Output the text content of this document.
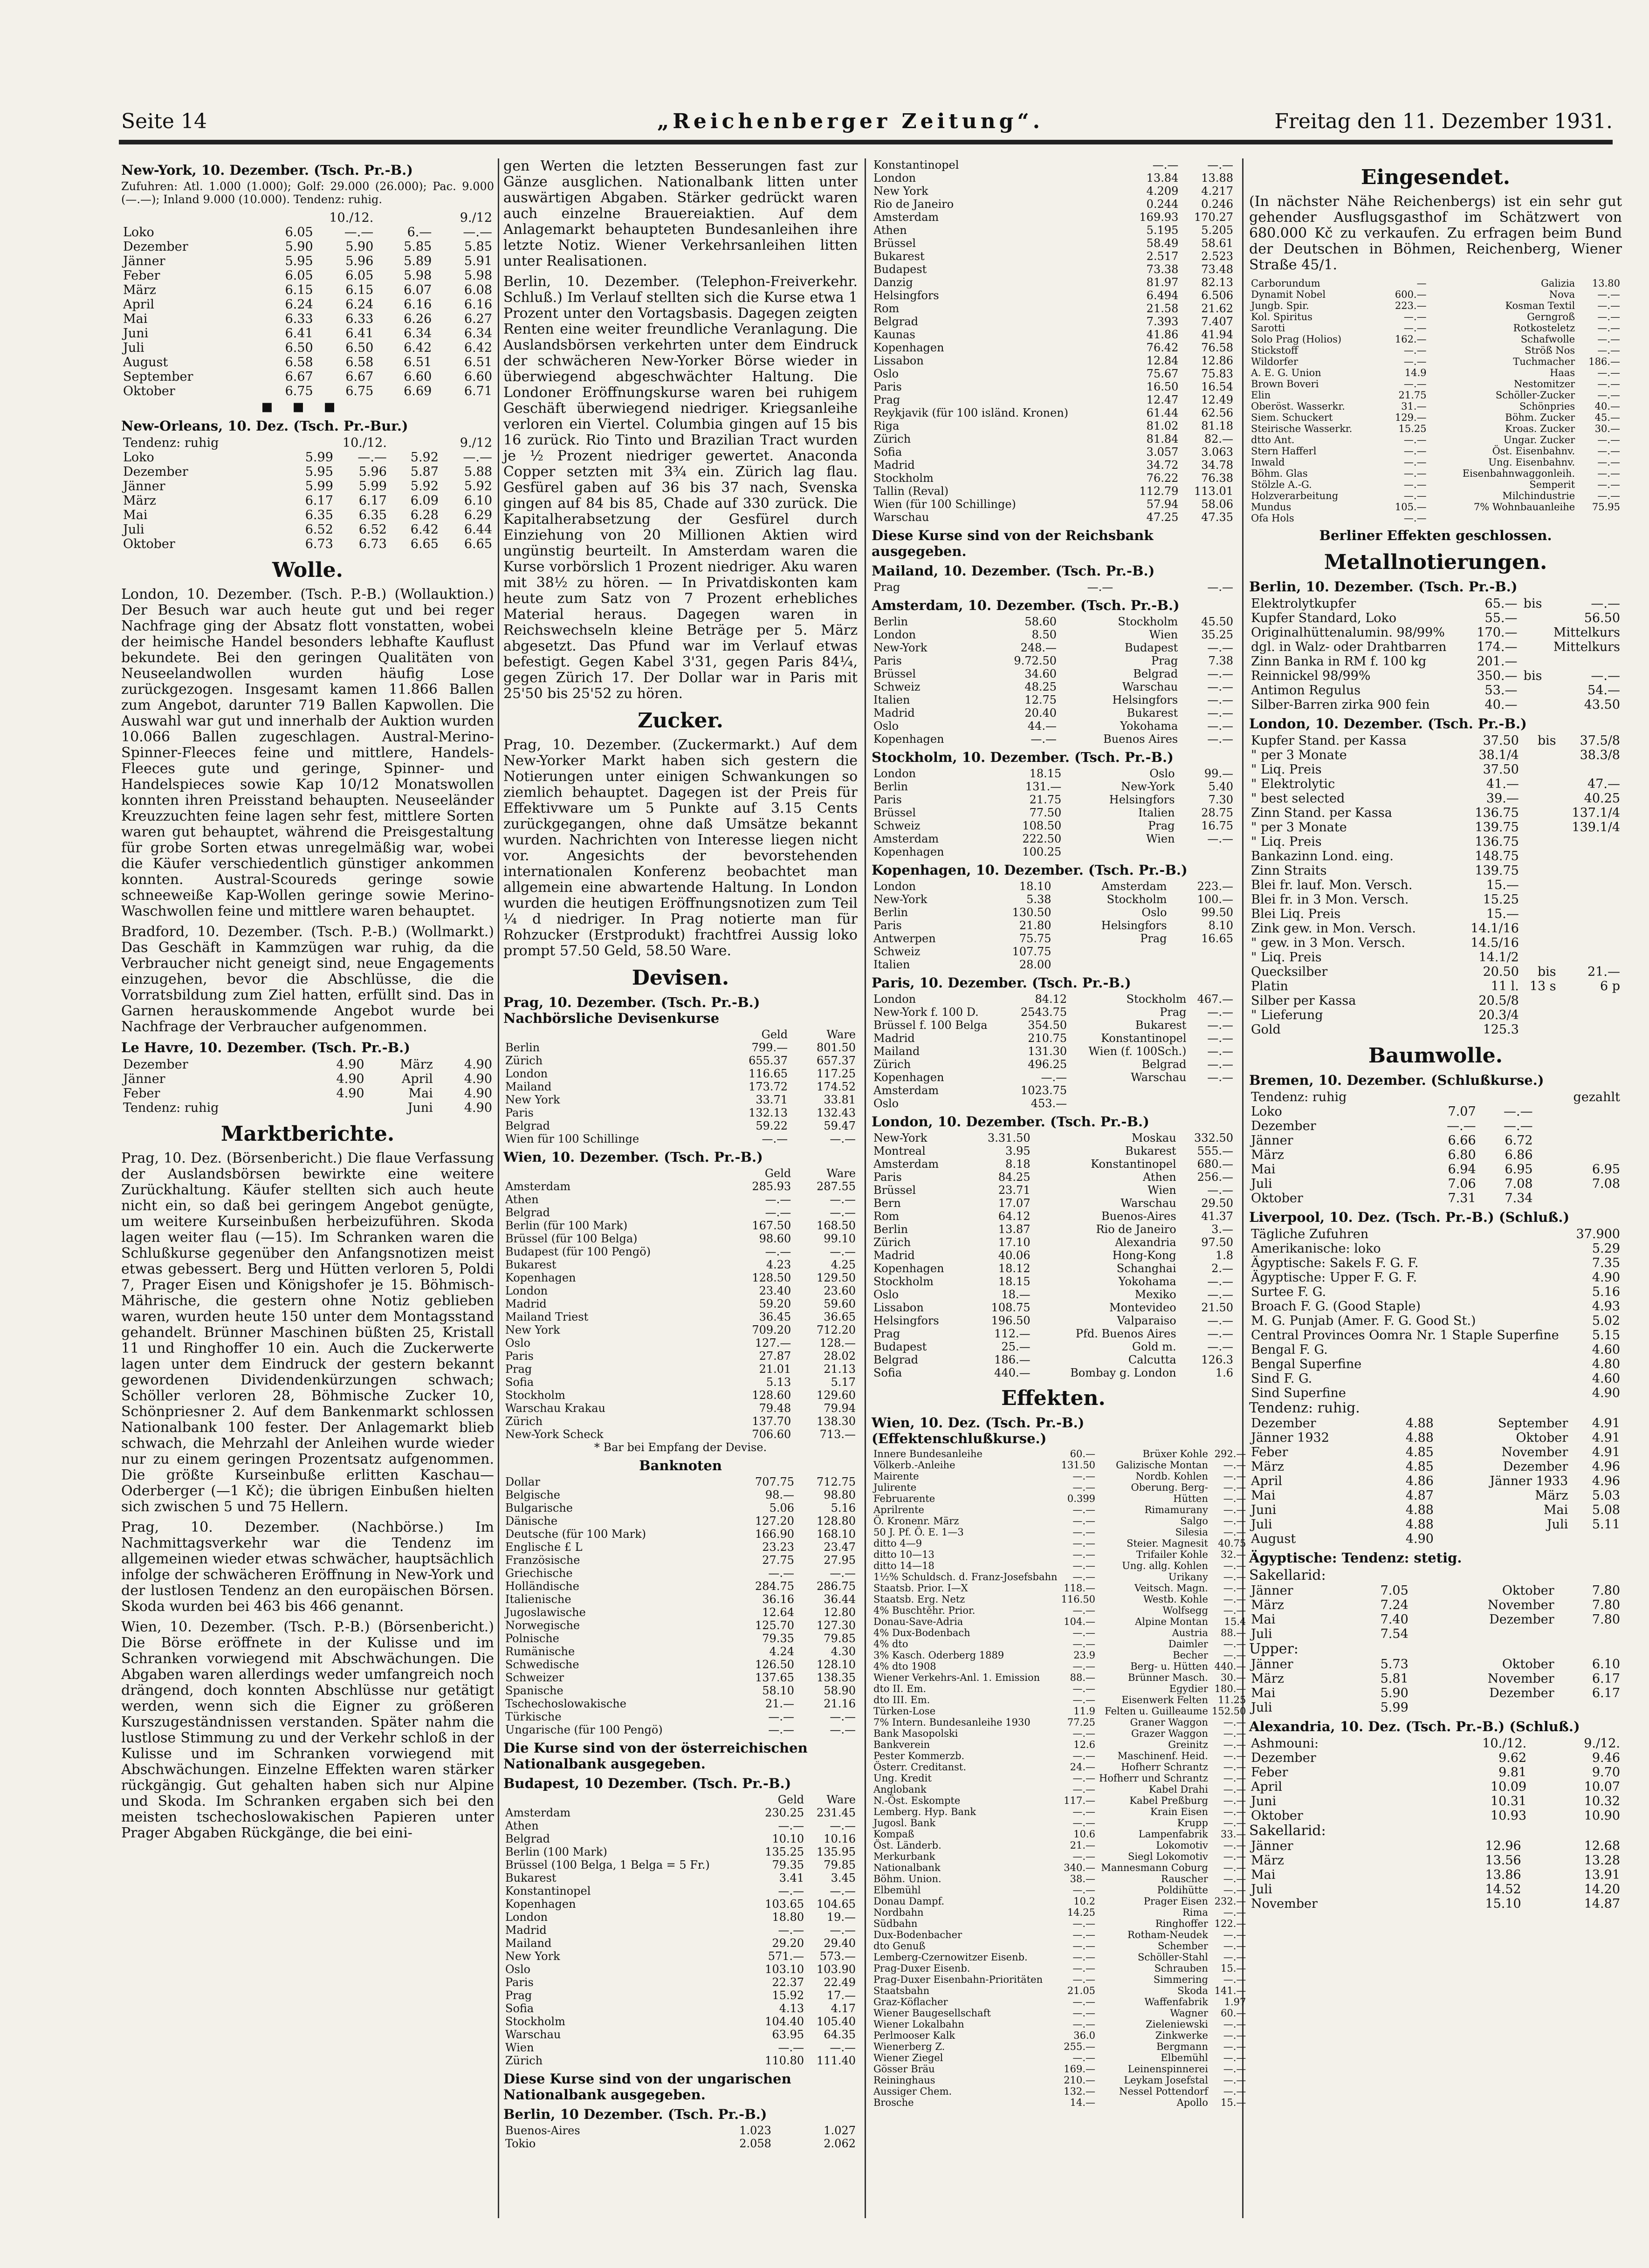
Seite 14	„Reichenberger Zeitung“.	Freitag den 11. Dezember 1931.
New-York, 10. Dezember. (Tsch. Pr.-B.)

Zufuhren: Atl. 1.000 (1.000); Golf: 29.000 (26.000); Pac. 9.000 (—.—); Inland 9.000 (10.000). Tendenz: ruhig.

	10./12.		9./12	
Loko	6.05	—.—	6.—	—.—
Dezember	5.90	5.90	5.85	5.85
Jänner	5.95	5.96	5.89	5.91
Feber	6.05	6.05	5.98	5.98
März	6.15	6.15	6.07	6.08
April	6.24	6.24	6.16	6.16
Mai	6.33	6.33	6.26	6.27
Juni	6.41	6.41	6.34	6.34
Juli	6.50	6.50	6.42	6.42
August	6.58	6.58	6.51	6.51
September	6.67	6.67	6.60	6.60
Oktober	6.75	6.75	6.69	6.71
▪▪▪
New-Orleans, 10. Dez. (Tsch. Pr.-Bur.)
Tendenz: ruhig	10./12.		9./12	
Loko	5.99	—.—	5.92	—.—
Dezember	5.95	5.96	5.87	5.88
Jänner	5.99	5.99	5.92	5.92
März	6.17	6.17	6.09	6.10
Mai	6.35	6.35	6.28	6.29
Juli	6.52	6.52	6.42	6.44
Oktober	6.73	6.73	6.65	6.65
Wolle.

London, 10. Dezember. (Tsch. P.-B.) (Wollauktion.) Der Besuch war auch heute gut und bei reger Nachfrage ging der Absatz flott vonstatten, wobei der heimische Handel besonders lebhafte Kauflust bekundete. Bei den geringen Qualitäten von Neuseelandwollen wurden häufig Lose zurückgezogen. Insgesamt kamen 11.866 Ballen zum Angebot, darunter 719 Ballen Kapwollen. Die Auswahl war gut und innerhalb der Auktion wurden 10.066 Ballen zugeschlagen. Austral-Merino-Spinner-Fleeces feine und mittlere, Handels-Fleeces gute und geringe, Spinner- und Handelspieces sowie Kap 10/12 Monatswollen konnten ihren Preisstand behaupten. Neuseeländer Kreuzzuchten feine lagen sehr fest, mittlere Sorten waren gut behauptet, während die Preisgestaltung für grobe Sorten etwas unregelmäßig war, wobei die Käufer verschiedentlich günstiger ankommen konnten. Austral-Scoureds geringe sowie schneeweiße Kap-Wollen geringe sowie Merino-Waschwollen feine und mittlere waren behauptet.

Bradford, 10. Dezember. (Tsch. P.-B.) (Wollmarkt.) Das Geschäft in Kammzügen war ruhig, da die Verbraucher nicht geneigt sind, neue Engagements einzugehen, bevor die Abschlüsse, die die Vorratsbildung zum Ziel hatten, erfüllt sind. Das in Garnen herauskommende Angebot wurde bei Nachfrage der Verbraucher aufgenommen.

Le Havre, 10. Dezember. (Tsch. Pr.-B.)
Dezember	4.90	März	4.90
Jänner	4.90	April	4.90
Feber	4.90	Mai	4.90
Tendenz: ruhig		Juni	4.90
Marktberichte.

Prag, 10. Dez. (Börsenbericht.) Die flaue Verfassung der Auslandsbörsen bewirkte eine weitere Zurückhaltung. Käufer stellten sich auch heute nicht ein, so daß bei geringem Angebot genügte, um weitere Kurseinbußen herbeizuführen. Skoda lagen weiter flau (—15). Im Schranken waren die Schlußkurse gegenüber den Anfangsnotizen meist etwas gebessert. Berg und Hütten verloren 5, Poldi 7, Prager Eisen und Königshofer je 15. Böhmisch-Mährische, die gestern ohne Notiz geblieben waren, wurden heute 150 unter dem Montagsstand gehandelt. Brünner Maschinen büßten 25, Kristall 11 und Ringhoffer 10 ein. Auch die Zuckerwerte lagen unter dem Eindruck der gestern bekannt gewordenen Dividendenkürzungen schwach; Schöller verloren 28, Böhmische Zucker 10, Schönpriesner 2. Auf dem Bankenmarkt schlossen Nationalbank 100 fester. Der Anlagemarkt blieb schwach, die Mehrzahl der Anleihen wurde wieder nur zu einem geringen Prozentsatz aufgenommen. Die größte Kurseinbuße erlitten Kaschau—Oderberger (—1 Kč); die übrigen Einbußen hielten sich zwischen 5 und 75 Hellern.

Prag, 10. Dezember. (Nachbörse.) Im Nachmittagsverkehr war die Tendenz im allgemeinen wieder etwas schwächer, hauptsächlich infolge der schwächeren Eröffnung in New-York und der lustlosen Tendenz an den europäischen Börsen. Skoda wurden bei 463 bis 466 genannt.

Wien, 10. Dezember. (Tsch. P.-B.) (Börsenbericht.) Die Börse eröffnete in der Kulisse und im Schranken vorwiegend mit Abschwächungen. Die Abgaben waren allerdings weder umfangreich noch drängend, doch konnten Abschlüsse nur getätigt werden, wenn sich die Eigner zu größeren Kurszugeständnissen verstanden. Später nahm die lustlose Stimmung zu und der Verkehr schloß in der Kulisse und im Schranken vorwiegend mit Abschwächungen. Einzelne Effekten waren stärker rückgängig. Gut gehalten haben sich nur Alpine und Skoda. Im Schranken ergaben sich bei den meisten tschechoslowakischen Papieren unter Prager Abgaben Rückgänge, die bei eini-

gen Werten die letzten Besserungen fast zur Gänze ausglichen. Nationalbank litten unter auswärtigen Abgaben. Stärker gedrückt waren auch einzelne Brauereiaktien. Auf dem Anlagemarkt behaupteten Bundesanleihen ihre letzte Notiz. Wiener Verkehrsanleihen litten unter Realisationen.

Berlin, 10. Dezember. (Telephon-Freiverkehr. Schluß.) Im Verlauf stellten sich die Kurse etwa 1 Prozent unter den Vortagsbasis. Dagegen zeigten Renten eine weiter freundliche Veranlagung. Die Auslandsbörsen verkehrten unter dem Eindruck der schwächeren New-Yorker Börse wieder in überwiegend abgeschwächter Haltung. Die Londoner Eröffnungskurse waren bei ruhigem Geschäft überwiegend niedriger. Kriegsanleihe verloren ein Viertel. Columbia gingen auf 15 bis 16 zurück. Rio Tinto und Brazilian Tract wurden je ½ Prozent niedriger gewertet. Anaconda Copper setzten mit 3¾ ein. Zürich lag flau. Gesfürel gaben auf 36 bis 37 nach, Svenska gingen auf 84 bis 85, Chade auf 330 zurück. Die Kapitalherabsetzung der Gesfürel durch Einziehung von 20 Millionen Aktien wird ungünstig beurteilt. In Amsterdam waren die Kurse vorbörslich 1 Prozent niedriger. Aku waren mit 38½ zu hören. — In Privatdiskonten kam heute zum Satz von 7 Prozent erhebliches Material heraus. Dagegen waren in Reichswechseln kleine Beträge per 5. März abgesetzt. Das Pfund war im Verlauf etwas befestigt. Gegen Kabel 3'31, gegen Paris 84¼, gegen Zürich 17. Der Dollar war in Paris mit 25'50 bis 25'52 zu hören.

Zucker.

Prag, 10. Dezember. (Zuckermarkt.) Auf dem New-Yorker Markt haben sich gestern die Notierungen unter einigen Schwankungen so ziemlich behauptet. Dagegen ist der Preis für Effektivware um 5 Punkte auf 3.15 Cents zurückgegangen, ohne daß Umsätze bekannt wurden. Nachrichten von Interesse liegen nicht vor. Angesichts der bevorstehenden internationalen Konferenz beobachtet man allgemein eine abwartende Haltung. In London wurden die heutigen Eröffnungsnotizen zum Teil ¼ d niedriger. In Prag notierte man für Rohzucker (Erstprodukt) frachtfrei Aussig loko prompt 57.50 Geld, 58.50 Ware.

Devisen.
Prag, 10. Dezember. (Tsch. Pr.-B.) Nachbörsliche Devisenkurse
	Geld	Ware
Berlin	799.—	801.50
Zürich	655.37	657.37
London	116.65	117.25
Mailand	173.72	174.52
New York	33.71	33.81
Paris	132.13	132.43
Belgrad	59.22	59.47
Wien für 100 Schillinge	—.—	—.—
Wien, 10. Dezember. (Tsch. Pr.-B.)
	Geld	Ware
Amsterdam	285.93	287.55
Athen	—.—	—.—
Belgrad	—.—	—.—
Berlin (für 100 Mark)	167.50	168.50
Brüssel (für 100 Belga)	98.60	99.10
Budapest (für 100 Pengö)	—.—	—.—
Bukarest	4.23	4.25
Kopenhagen	128.50	129.50
London	23.40	23.60
Madrid	59.20	59.60
Mailand Triest	36.45	36.65
New York	709.20	712.20
Oslo	127.—	128.—
Paris	27.87	28.02
Prag	21.01	21.13
Sofia	5.13	5.17
Stockholm	128.60	129.60
Warschau Krakau	79.48	79.94
Zürich	137.70	138.30
New-York Scheck	706.60	713.—
* Bar bei Empfang der Devise.
Banknoten
Dollar	707.75	712.75
Belgische	98.—	98.80
Bulgarische	5.06	5.16
Dänische	127.20	128.80
Deutsche (für 100 Mark)	166.90	168.10
Englische £ L	23.23	23.47
Französische	27.75	27.95
Griechische	—.—	—.—
Holländische	284.75	286.75
Italienische	36.16	36.44
Jugoslawische	12.64	12.80
Norwegische	125.70	127.30
Polnische	79.35	79.85
Rumänische	4.24	4.30
Schwedische	126.50	128.10
Schweizer	137.65	138.35
Spanische	58.10	58.90
Tschechoslowakische	21.—	21.16
Türkische	—.—	—.—
Ungarische (für 100 Pengö)	—.—	—.—
Die Kurse sind von der österreichischen Nationalbank ausgegeben.
Budapest, 10 Dezember. (Tsch. Pr.-B.)
	Geld	Ware
Amsterdam	230.25	231.45
Athen	—.—	—.—
Belgrad	10.10	10.16
Berlin (100 Mark)	135.25	135.95
Brüssel (100 Belga, 1 Belga = 5 Fr.)	79.35	79.85
Bukarest	3.41	3.45
Konstantinopel	—.—	—.—
Kopenhagen	103.65	104.65
London	18.80	19.—
Madrid	—.—	—.—
Mailand	29.20	29.40
New York	571.—	573.—
Oslo	103.10	103.90
Paris	22.37	22.49
Prag	15.92	17.—
Sofia	4.13	4.17
Stockholm	104.40	105.40
Warschau	63.95	64.35
Wien	—.—	—.—
Zürich	110.80	111.40
Diese Kurse sind von der ungarischen Nationalbank ausgegeben.
Berlin, 10 Dezember. (Tsch. Pr.-B.)
Buenos-Aires	1.023	1.027
Tokio	2.058	2.062
Konstantinopel	—.—	—.—
London	13.84	13.88
New York	4.209	4.217
Rio de Janeiro	0.244	0.246
Amsterdam	169.93	170.27
Athen	5.195	5.205
Brüssel	58.49	58.61
Bukarest	2.517	2.523
Budapest	73.38	73.48
Danzig	81.97	82.13
Helsingfors	6.494	6.506
Rom	21.58	21.62
Belgrad	7.393	7.407
Kaunas	41.86	41.94
Kopenhagen	76.42	76.58
Lissabon	12.84	12.86
Oslo	75.67	75.83
Paris	16.50	16.54
Prag	12.47	12.49
Reykjavik (für 100 isländ. Kronen)	61.44	62.56
Riga	81.02	81.18
Zürich	81.84	82.—
Sofia	3.057	3.063
Madrid	34.72	34.78
Stockholm	76.22	76.38
Tallin (Reval)	112.79	113.01
Wien (für 100 Schillinge)	57.94	58.06
Warschau	47.25	47.35
Diese Kurse sind von der Reichsbank ausgegeben.
Mailand, 10. Dezember. (Tsch. Pr.-B.)
Prag	—.—	—.—
Amsterdam, 10. Dezember. (Tsch. Pr.-B.)
Berlin	58.60	Stockholm	45.50
London	8.50	Wien	35.25
New-York	248.—	Budapest	—.—
Paris	9.72.50	Prag	7.38
Brüssel	34.60	Belgrad	—.—
Schweiz	48.25	Warschau	—.—
Italien	12.75	Helsingfors	—.—
Madrid	20.40	Bukarest	—.—
Oslo	44.—	Yokohama	—.—
Kopenhagen	—.—	Buenos Aires	—.—
Stockholm, 10. Dezember. (Tsch. Pr.-B.)
London	18.15	Oslo	99.—
Berlin	131.—	New-York	5.40
Paris	21.75	Helsingfors	7.30
Brüssel	77.50	Italien	28.75
Schweiz	108.50	Prag	16.75
Amsterdam	222.50	Wien	—.—
Kopenhagen	100.25		
Kopenhagen, 10. Dezember. (Tsch. Pr.-B.)
London	18.10	Amsterdam	223.—
New-York	5.38	Stockholm	100.—
Berlin	130.50	Oslo	99.50
Paris	21.80	Helsingfors	8.10
Antwerpen	75.75	Prag	16.65
Schweiz	107.75		
Italien	28.00		
Paris, 10. Dezember. (Tsch. Pr.-B.)
London	84.12	Stockholm	467.—
New-York f. 100 D.	2543.75	Prag	—.—
Brüssel f. 100 Belga	354.50	Bukarest	—.—
Madrid	210.75	Konstantinopel	—.—
Mailand	131.30	Wien (f. 100Sch.)	—.—
Zürich	496.25	Belgrad	—.—
Kopenhagen	—.—	Warschau	—.—
Amsterdam	1023.75		
Oslo	453.—		
London, 10. Dezember. (Tsch. Pr.-B.)
New-York	3.31.50	Moskau	332.50
Montreal	3.95	Bukarest	555.—
Amsterdam	8.18	Konstantinopel	680.—
Paris	84.25	Athen	256.—
Brüssel	23.71	Wien	—.—
Bern	17.07	Warschau	29.50
Rom	64.12	Buenos-Aires	41.37
Berlin	13.87	Rio de Janeiro	3.—
Zürich	17.10	Alexandria	97.50
Madrid	40.06	Hong-Kong	1.8
Kopenhagen	18.12	Schanghai	2.—
Stockholm	18.15	Yokohama	—.—
Oslo	18.—	Mexiko	—.—
Lissabon	108.75	Montevideo	21.50
Helsingfors	196.50	Valparaiso	—.—
Prag	112.—	Pfd. Buenos Aires	—.—
Budapest	25.—	Gold m.	—.—
Belgrad	186.—	Calcutta	126.3
Sofia	440.—	Bombay g. London	1.6
Effekten.
Wien, 10. Dez. (Tsch. Pr.-B.) (Effektenschlußkurse.)
Innere Bundesanleihe	60.—	Brüxer Kohle	292.—
Völkerb.-Anleihe	131.50	Galizische Montan	—.—
Mairente	—.—	Nordb. Kohlen	—.—
Julirente	—.—	Oberung. Berg-	—.—
Februarente	0.399	Hütten	—.—
Aprilrente	—.—	Rimamurany	—.—
Ö. Kronenr. März	—.—	Salgo	—.—
50 J. Pf. Ö. E. 1—3	—.—	Silesia	—.—
ditto 4—9	—.—	Steier. Magnesit	40.75
ditto 10—13	—.—	Trifailer Kohle	32.—
ditto 14—18	—.—	Ung. allg. Kohlen	—.—
1½% Schuldsch. d. Franz-Josefsbahn	—.—	Urikany	—.—
Staatsb. Prior. I—X	118.—	Veitsch. Magn.	—.—
Staatsb. Erg. Netz	116.50	Westb. Kohle	—.—
4% Buschtěhr. Prior.	—.—	Wolfsegg	—.—
Donau-Save-Adria	104.—	Alpine Montan	15.4
4% Dux-Bodenbach	—.—	Austria	88.—
4% dto	—.—	Daimler	—.—
3% Kasch. Oderberg 1889	23.9	Becher	—.—
4% dto 1908	—.—	Berg- u. Hütten	440.—
Wiener Verkehrs-Anl. 1. Emission	88.—	Brünner Masch.	30.—
dto II. Em.	—.—	Egydier	180.—
dto III. Em.	—.—	Eisenwerk Felten	11.25
Türken-Lose	11.9	Felten u. Guilleaume	152.50
7% Intern. Bundesanleihe 1930	77.25	Graner Waggon	—.—
Bank Masopolski	—.—	Grazer Waggon	—.—
Bankverein	12.6	Greinitz	—.—
Pester Kommerzb.	—.—	Maschinenf. Heid.	—.—
Österr. Creditanst.	24.—	Hofherr Schrantz	—.—
Ung. Kredit	—.—	Hofherr und Schrantz	—.—
Anglobank	—.—	Kabel Drahi	—.—
N.-Öst. Eskompte	117.—	Kabel Preßburg	—.—
Lemberg. Hyp. Bank	—.—	Krain Eisen	—.—
Jugosl. Bank	—.—	Krupp	—.—
Kompaß	10.6	Lampenfabrik	33.—
Öst. Länderb.	21.—	Lokomotiv	—.—
Merkurbank	—.—	Siegl Lokomotiv	—.—
Nationalbank	340.—	Mannesmann Coburg	—.—
Böhm. Union.	38.—	Rauscher	—.—
Elbemühl	—.—	Poldihütte	—.—
Donau Dampf.	10.2	Prager Eisen	232.—
Nordbahn	14.25	Rima	—.—
Südbahn	—.—	Ringhoffer	122.—
Dux-Bodenbacher	—.—	Rotham-Neudek	—.—
dto Genuß	—.—	Schember	—.—
Lemberg-Czernowitzer Eisenb.	—.—	Schöller-Stahl	—.—
Prag-Duxer Eisenb.	—.—	Schrauben	15.—
Prag-Duxer Eisenbahn-Prioritäten	—.—	Simmering	—.—
Staatsbahn	21.05	Skoda	141.—
Graz-Köflacher	—.—	Waffenfabrik	1.97
Wiener Baugesellschaft	—.—	Wagner	60.—
Wiener Lokalbahn	—.—	Zieleniewski	—.—
Perlmooser Kalk	36.0	Zinkwerke	—.—
Wienerberg Z.	255.—	Bergmann	—.—
Wiener Ziegel	—.—	Elbemühl	—.—
Gösser Bräu	169.—	Leinenspinnerei	—.—
Reininghaus	210.—	Leykam Josefstal	—.—
Aussiger Chem.	132.—	Nessel Pottendorf	—.—
Brosche	14.—	Apollo	15.—
Eingesendet.

(In nächster Nähe Reichenbergs) ist ein sehr gut gehender Ausflugsgasthof im Schätzwert von 680.000 Kč zu verkaufen. Zu erfragen beim Bund der Deutschen in Böhmen, Reichenberg, Wiener Straße 45/1.

Carborundum	—	Galizia	13.80
Dynamit Nobel	600.—	Nova	—.—
Jungb. Spir.	223.—	Kosman Textil	—.—
Kol. Spiritus	—.—	Gerngroß	—.—
Sarotti	—.—	Rotkosteletz	—.—
Solo Prag (Holios)	162.—	Schafwolle	—.—
Stickstoff	—.—	Ströß Nos	—.—
Wildorfer	—.—	Tuchmacher	186.—
A. E. G. Union	14.9	Haas	—.—
Brown Boveri	—.—	Nestomitzer	—.—
Elin	21.75	Schöller-Zucker	—.—
Oberöst. Wasserkr.	31.—	Schönpries	40.—
Siem. Schuckert	129.—	Böhm. Zucker	45.—
Steirische Wasserkr.	15.25	Kroas. Zucker	30.—
dtto Ant.	—.—	Ungar. Zucker	—.—
Stern Hafferl	—.—	Öst. Eisenbahnv.	—.—
Inwald	—.—	Ung. Eisenbahnv.	—.—
Böhm. Glas	—.—	Eisenbahnwaggonleih.	—.—
Stölzle A.-G.	—.—	Semperit	—.—
Holzverarbeitung	—.—	Milchindustrie	—.—
Mundus	105.—	7% Wohnbauanleihe	75.95
Ofa Hols	—.—		
Berliner Effekten geschlossen.
Metallnotierungen.
Berlin, 10. Dezember. (Tsch. Pr.-B.)
Elektrolytkupfer	65.—	bis	—.—
Kupfer Standard, Loko	55.—		56.50
Originalhüttenalumin. 98/99%	170.—		Mittelkurs
dgl. in Walz- oder Drahtbarren	174.—		Mittelkurs
Zinn Banka in RM f. 100 kg	201.—		
Reinnickel 98/99%	350.—	bis	—.—
Antimon Regulus	53.—		54.—
Silber-Barren zirka 900 fein	40.—		43.50
London, 10. Dezember. (Tsch. Pr.-B.)
Kupfer Stand. per Kassa	37.50	bis	37.5/8
" per 3 Monate	38.1/4		38.3/8
" Liq. Preis	37.50		
" Elektrolytic	41.—		47.—
" best selected	39.—		40.25
Zinn Stand. per Kassa	136.75		137.1/4
" per 3 Monate	139.75		139.1/4
" Liq. Preis	136.75		
Bankazinn Lond. eing.	148.75		
Zinn Straits	139.75		
Blei fr. lauf. Mon. Versch.	15.—		
Blei fr. in 3 Mon. Versch.	15.25		
Blei Liq. Preis	15.—		
Zink gew. in Mon. Versch.	14.1/16		
" gew. in 3 Mon. Versch.	14.5/16		
" Liq. Preis	14.1/2		
Quecksilber	20.50	bis	21.—
Platin	11 l.	13 s	6 p
Silber per Kassa	20.5/8		
" Lieferung	20.3/4		
Gold	125.3		
Baumwolle.
Bremen, 10. Dezember. (Schlußkurse.)
Tendenz: ruhig			gezahlt
Loko	7.07	—.—	
Dezember	—.—	—.—	
Jänner	6.66	6.72	
März	6.80	6.86	
Mai	6.94	6.95	6.95
Juli	7.06	7.08	7.08
Oktober	7.31	7.34	
Liverpool, 10. Dez. (Tsch. Pr.-B.) (Schluß.)
Tägliche Zufuhren	37.900
Amerikanische: loko	5.29
Ägyptische: Sakels F. G. F.	7.35
Ägyptische: Upper F. G. F.	4.90
Surtee F. G.	5.16
Broach F. G. (Good Staple)	4.93
M. G. Punjab (Amer. F. G. Good St.)	5.02
Central Provinces Oomra Nr. 1 Staple Superfine	5.15
Bengal F. G.	4.60
Bengal Superfine	4.80
Sind F. G.	4.60
Sind Superfine	4.90
Tendenz: ruhig.
Dezember	4.88	September	4.91
Jänner 1932	4.88	Oktober	4.91
Feber	4.85	November	4.91
März	4.85	Dezember	4.96
April	4.86	Jänner 1933	4.96
Mai	4.87	März	5.03
Juni	4.88	Mai	5.08
Juli	4.88	Juli	5.11
August	4.90		
Ägyptische: Tendenz: stetig.
Sakellarid:
Jänner	7.05	Oktober	7.80
März	7.24	November	7.80
Mai	7.40	Dezember	7.80
Juli	7.54		
Upper:
Jänner	5.73	Oktober	6.10
März	5.81	November	6.17
Mai	5.90	Dezember	6.17
Juli	5.99		
Alexandria, 10. Dez. (Tsch. Pr.-B.) (Schluß.)
Ashmouni:	10./12.	9./12.
Dezember	9.62	9.46
Feber	9.81	9.70
April	10.09	10.07
Juni	10.31	10.32
Oktober	10.93	10.90
Sakellarid:
Jänner	12.96	12.68
März	13.56	13.28
Mai	13.86	13.91
Juli	14.52	14.20
November	15.10	14.87
